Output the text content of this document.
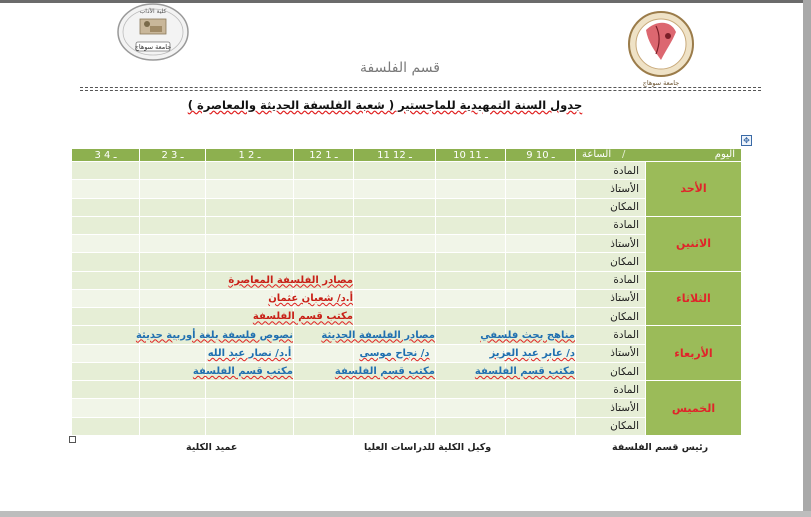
كلية الآداب
جامعة سوهاج
جامعة سوهاج
قسم الفلسفة
جدول السنة التمهيدية للماجستير ( شعبة الفلسفة الحديثة والمعاصرة )
✥
3 ـ 4	2 ـ 3	1 ـ 2	12 ـ 1	11 ـ 12	10 ـ 11	9 ـ 10	الساعة / اليوم	

							المادة	الأحد
							الأستاذ	
							المكان	
							المادة	الاثنين
							الأستاذ	
							المكان	
			مصادر الفلسفة المعاصرة				المادة	الثلاثاء
			أ.د/ شعبان عثمان				الأستاذ	
			مكتب قسم الفلسفة				المكان	
		نصوص فلسفة بلغة أوربية حديثة		مصادر الفلسفة الحديثة		مناهج بحث فلسفي	المادة	الأربعاء
		أ.د/ نصار عبد الله		د/ نجاح موسى		د/ عابر عبد العزيز	الأستاذ	
		مكتب قسم الفلسفة		مكتب قسم الفلسفة		مكتب قسم الفلسفة	المكان	
							المادة	الخميس
							الأستاذ	
							المكان	
رئيس قسم الفلسفة
وكيل الكلية للدراسات العليا
عميد الكلية
